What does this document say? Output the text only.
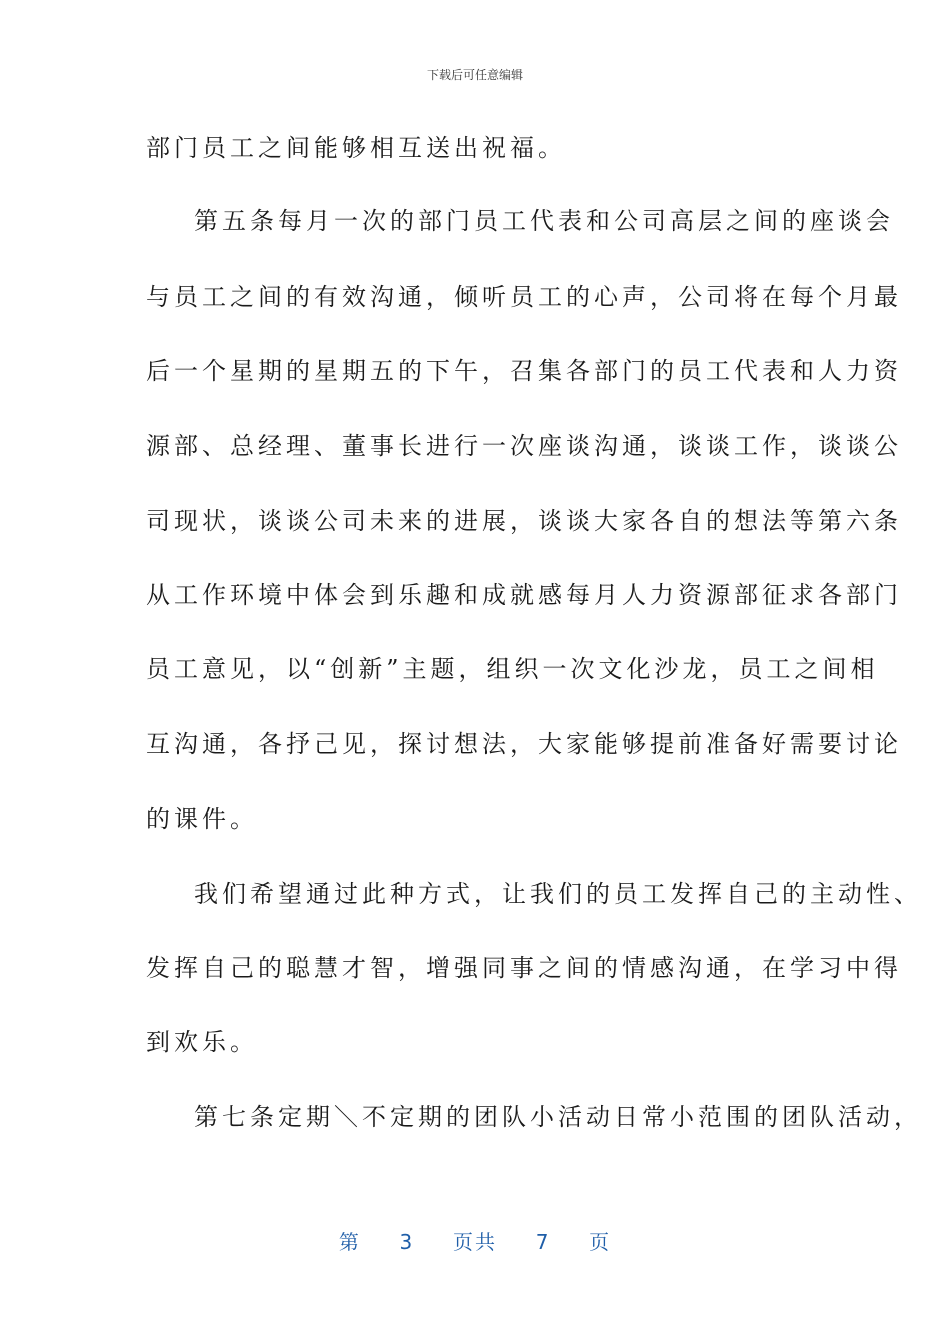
下载后可任意编辑
部门员工之间能够相互送出祝福。
第五条每月一次的部门员工代表和公司高层之间的座谈会
与员工之间的有效沟通，倾听员工的心声，公司将在每个月最
后一个星期的星期五的下午，召集各部门的员工代表和人力资
源部、总经理、董事长进行一次座谈沟通，谈谈工作，谈谈公
司现状，谈谈公司未来的进展，谈谈大家各自的想法等第六条
从工作环境中体会到乐趣和成就感每月人力资源部征求各部门
员工意见，以“创新”主题，组织一次文化沙龙，员工之间相
互沟通，各抒己见，探讨想法，大家能够提前准备好需要讨论
的课件。
我们希望通过此种方式，让我们的员工发挥自己的主动性、
发挥自己的聪慧才智，增强同事之间的情感沟通，在学习中得
到欢乐。
第七条定期＼不定期的团队小活动日常小范围的团队活动，
第 3 页共 7 页
